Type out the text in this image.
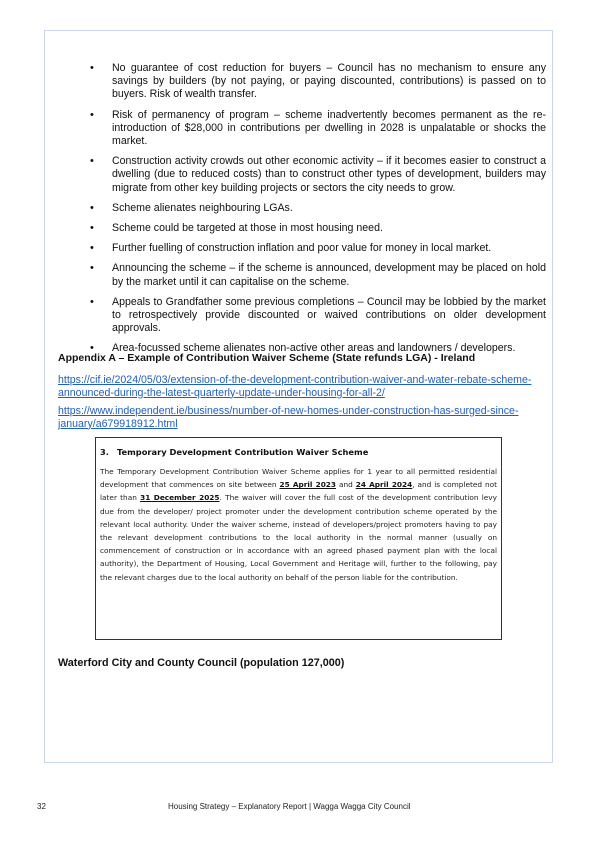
• No guarantee of cost reduction for buyers – Council has no mechanism to ensure any savings by builders (by not paying, or paying discounted, contributions) is passed on to buyers. Risk of wealth transfer.
• Risk of permanency of program – scheme inadvertently becomes permanent as the re-introduction of $28,000 in contributions per dwelling in 2028 is unpalatable or shocks the market.
• Construction activity crowds out other economic activity – if it becomes easier to construct a dwelling (due to reduced costs) than to construct other types of development, builders may migrate from other key building projects or sectors the city needs to grow.
• Scheme alienates neighbouring LGAs.
• Scheme could be targeted at those in most housing need.
• Further fuelling of construction inflation and poor value for money in local market.
• Announcing the scheme – if the scheme is announced, development may be placed on hold by the market until it can capitalise on the scheme.
• Appeals to Grandfather some previous completions – Council may be lobbied by the market to retrospectively provide discounted or waived contributions on older development approvals.
• Area-focussed scheme alienates non-active other areas and landowners / developers.
Appendix A – Example of Contribution Waiver Scheme (State refunds LGA) - Ireland
https://cif.ie/2024/05/03/extension-of-the-development-contribution-waiver-and-water-rebate-scheme-announced-during-the-latest-quarterly-update-under-housing-for-all-2/
https://www.independent.ie/business/number-of-new-homes-under-construction-has-surged-since-january/a679918912.html
3. Temporary Development Contribution Waiver Scheme
The Temporary Development Contribution Waiver Scheme applies for 1 year to all permitted residential development that commences on site between 25 April 2023 and 24 April 2024, and is completed not later than 31 December 2025. The waiver will cover the full cost of the development contribution levy due from the developer/ project promoter under the development contribution scheme operated by the relevant local authority. Under the waiver scheme, instead of developers/project promoters having to pay the relevant development contributions to the local authority in the normal manner (usually on commencement of construction or in accordance with an agreed phased payment plan with the local authority), the Department of Housing, Local Government and Heritage will, further to the following, pay the relevant charges due to the local authority on behalf of the person liable for the contribution.
Waterford City and County Council (population 127,000)
32	Housing Strategy – Explanatory Report | Wagga Wagga City Council
